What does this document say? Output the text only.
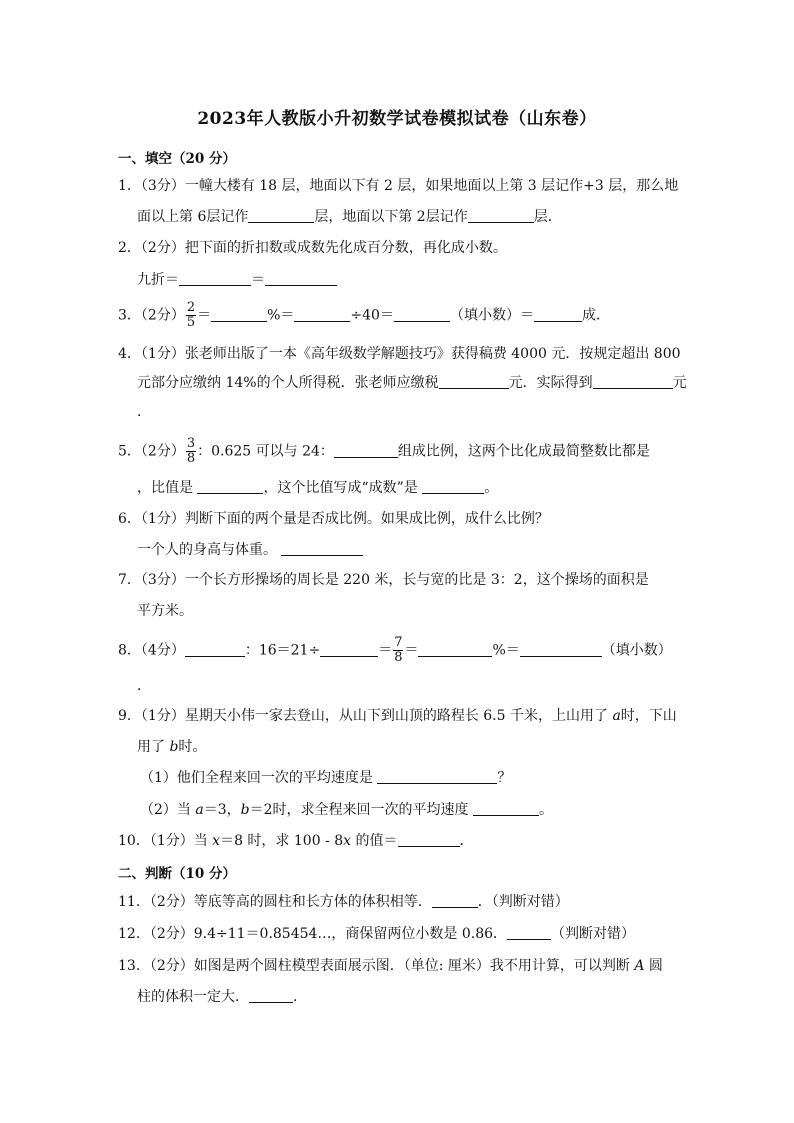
2023年人教版小升初数学试卷模拟试卷（山东卷）
一、填空（20 分）
1．（3分）一幢大楼有 18 层，地面以下有 2 层，如果地面以上第 3 层记作+3 层，那么地
面以上第 6层记作	层，地面以下第 2层记作	层．
2．（2分）把下面的折扣数或成数先化成百分数，再化成小数。
九折＝	＝
3．（2分） $\frac{2}{5}$ ＝	%＝	÷40＝	（填小数）＝	成．
4．（1分）张老师出版了一本《高年级数学解题技巧》获得稿费 4000 元．按规定超出 800
元部分应缴纳 14%的个人所得税．张老师应缴税	元．实际得到	元
．
5．（2分） $\frac{3}{8}$ ：0.625 可以与 24：	组成比例，这两个比化成最简整数比都是
，比值是	，这个比值写成“成数”是	。
6．（1分）判断下面的两个量是否成比例。如果成比例，成什么比例？
一个人的身高与体重。
7．（3分）一个长方形操场的周长是 220 米，长与宽的比是 3：2，这个操场的面积是
平方米。
8．（4分）	：16＝21÷	＝ $\frac{7}{8}$ ＝	%＝	（填小数）
．
9．（1分）星期天小伟一家去登山，从山下到山顶的路程长 6.5 千米，上山用了 a时，下山
用了 b时。
（1）他们全程来回一次的平均速度是	？
（2）当 a＝3，b＝2时，求全程来回一次的平均速度	。
10．（1分）当 x＝8 时，求 100 - 8x 的值＝	．
二、判断（10 分）
11．（2分）等底等高的圆柱和长方体的体积相等．	．（判断对错）
12．（2分）9.4÷11＝0.85454…，商保留两位小数是 0.86．	（判断对错）
13．（2分）如图是两个圆柱模型表面展示图．（单位: 厘米）我不用计算，可以判断 A 圆
柱的体积一定大．	.
